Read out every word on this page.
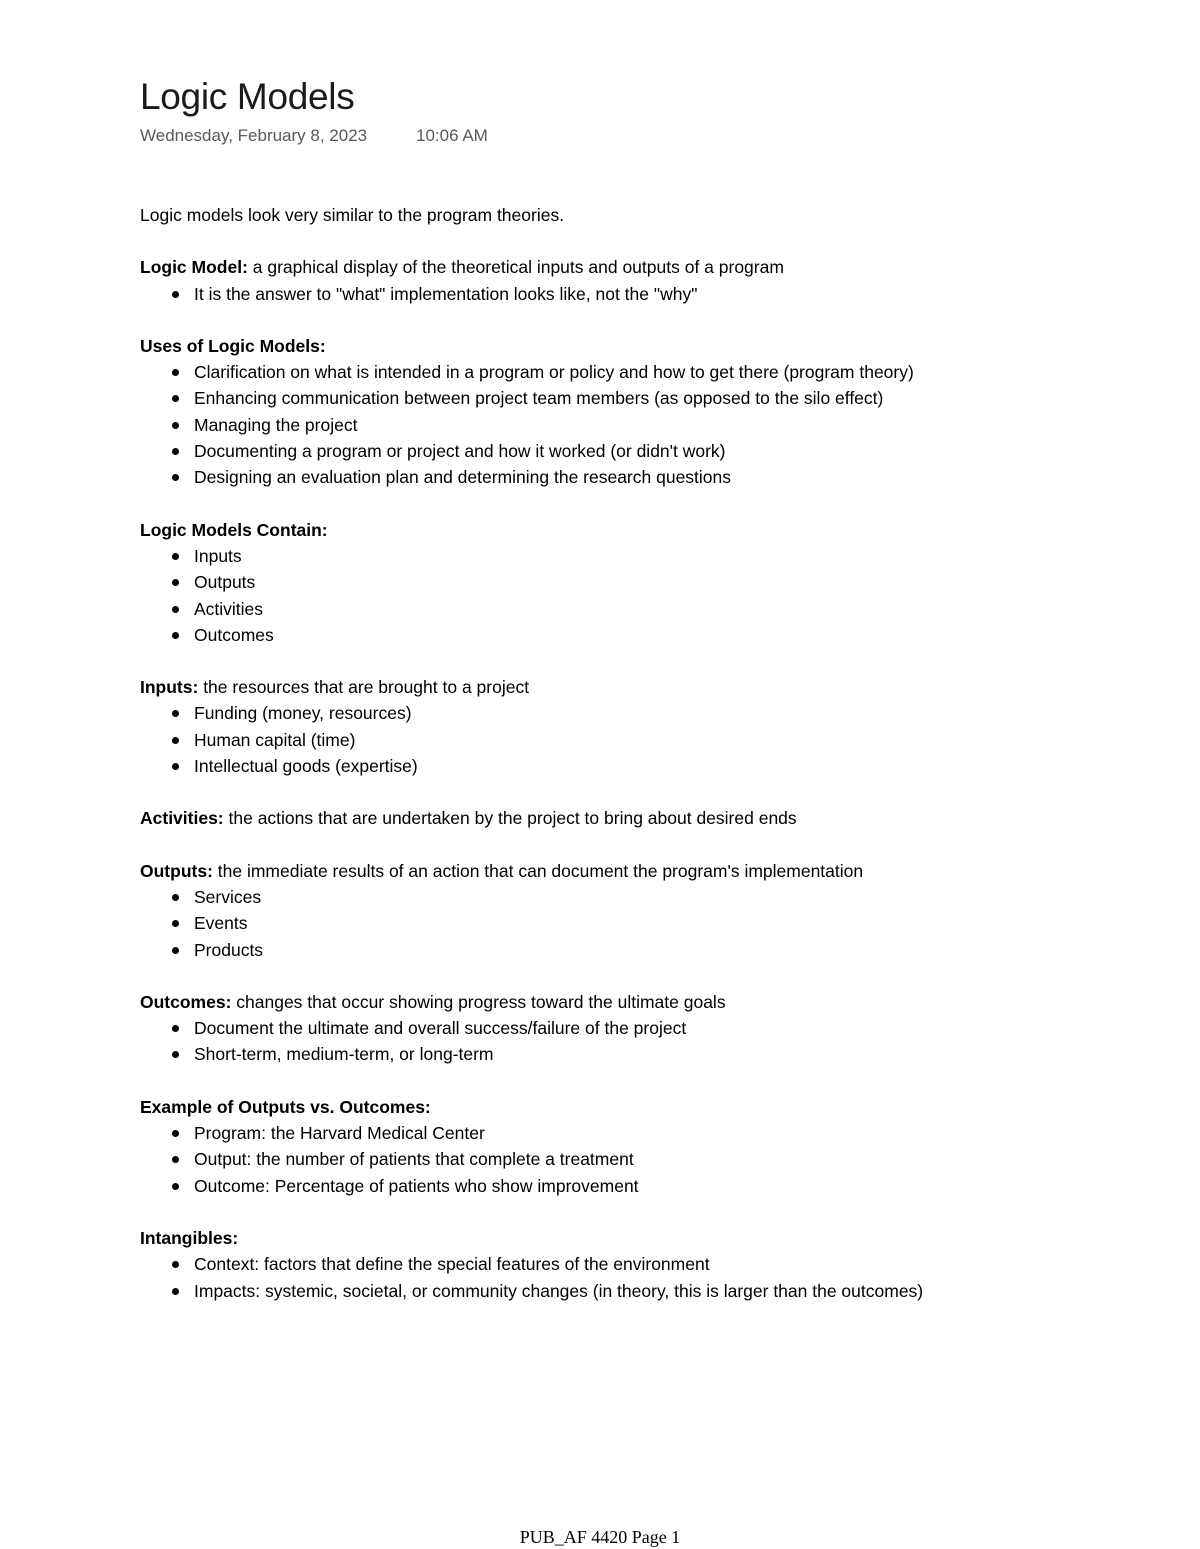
Logic Models
Wednesday, February 8, 2023	10:06 AM

Logic models look very similar to the program theories.

Logic Model: a graphical display of the theoretical inputs and outputs of a program

It is the answer to "what" implementation looks like, not the "why"

Uses of Logic Models:

Clarification on what is intended in a program or policy and how to get there (program theory)
Enhancing communication between project team members (as opposed to the silo effect)
Managing the project
Documenting a program or project and how it worked (or didn't work)
Designing an evaluation plan and determining the research questions

Logic Models Contain:

Inputs
Outputs
Activities
Outcomes

Inputs: the resources that are brought to a project

Funding (money, resources)
Human capital (time)
Intellectual goods (expertise)

Activities: the actions that are undertaken by the project to bring about desired ends

Outputs: the immediate results of an action that can document the program's implementation

Services
Events
Products

Outcomes: changes that occur showing progress toward the ultimate goals

Document the ultimate and overall success/failure of the project
Short-term, medium-term, or long-term

Example of Outputs vs. Outcomes:

Program: the Harvard Medical Center
Output: the number of patients that complete a treatment
Outcome: Percentage of patients who show improvement

Intangibles:

Context: factors that define the special features of the environment
Impacts: systemic, societal, or community changes (in theory, this is larger than the outcomes)
PUB_AF 4420 Page 1
